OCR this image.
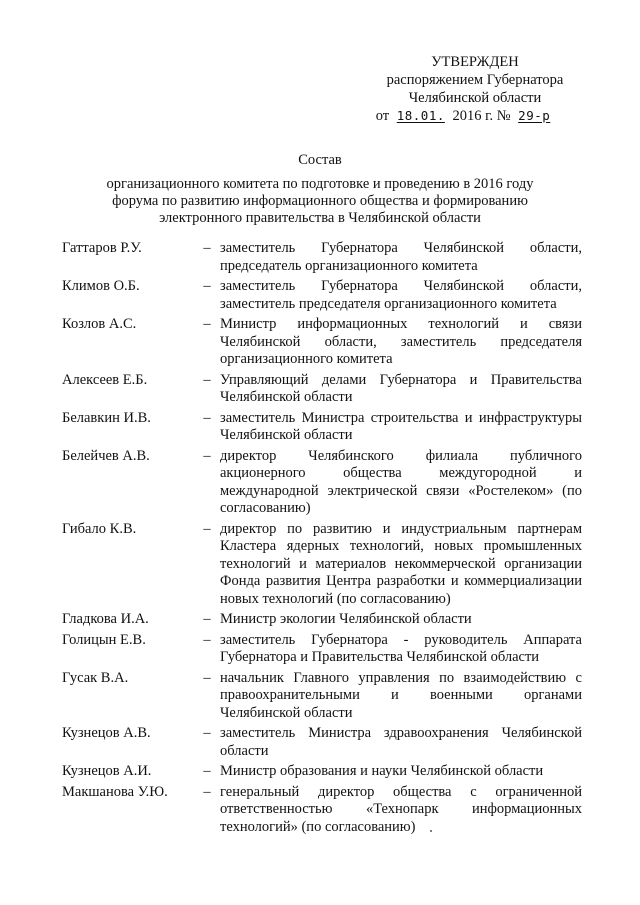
УТВЕРЖДЕН
распоряжением Губернатора
Челябинской области
от 18.01. 2016 г. № 29-р
Состав
организационного комитета по подготовке и проведению в 2016 году
форума по развитию информационного общества и формированию
электронного правительства в Челябинской области
Гаттаров Р.У.	– заместитель Губернатора Челябинской области, председатель организационного комитета
Климов О.Б.	– заместитель Губернатора Челябинской области, заместитель председателя организационного комитета
Козлов А.С.	– Министр информационных технологий и связи Челябинской области, заместитель председателя организационного комитета
Алексеев Е.Б.	– Управляющий делами Губернатора и Правительства Челябинской области
Белавкин И.В.	– заместитель Министра строительства и инфраструктуры Челябинской области
Белейчев А.В.	– директор Челябинского филиала публичного акционерного общества междугородной и международной электрической связи «Ростелеком» (по согласованию)
Гибало К.В.	– директор по развитию и индустриальным партнерам Кластера ядерных технологий, новых промышленных технологий и материалов некоммерческой организации Фонда развития Центра разработки и коммерциализации новых технологий (по согласованию)
Гладкова И.А.	– Министр экологии Челябинской области
Голицын Е.В.	– заместитель Губернатора - руководитель Аппарата Губернатора и Правительства Челябинской области
Гусак В.А.	– начальник Главного управления по взаимодействию с правоохранительными и военными органами Челябинской области
Кузнецов А.В.	– заместитель Министра здравоохранения Челябинской области
Кузнецов А.И.	– Министр образования и науки Челябинской области
Макшанова У.Ю.	– генеральный директор общества с ограниченной ответственностью «Технопарк информационных технологий» (по согласованию)
